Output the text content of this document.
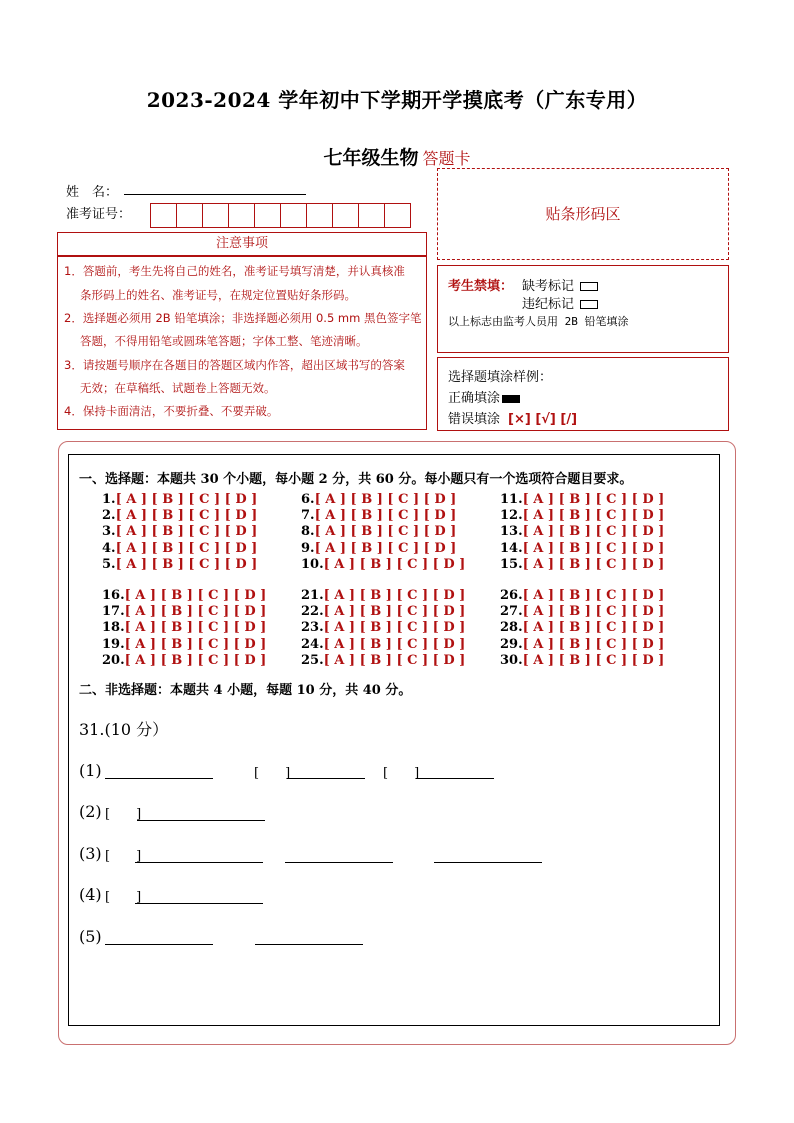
2023-2024 学年初中下学期开学摸底考（广东专用）
七年级生物 答题卡
姓　名：
准考证号：	贴条形码区
注意事项
1．答题前，考生先将自己的姓名，准考证号填写清楚，并认真核准
条形码上的姓名、准考证号，在规定位置贴好条形码。
2．选择题必须用 2B 铅笔填涂；非选择题必须用 0.5 mm 黑色签字笔
答题，不得用铅笔或圆珠笔答题；字体工整、笔迹清晰。
3．请按题号顺序在各题目的答题区域内作答，超出区域书写的答案
无效；在草稿纸、试题卷上答题无效。
4．保持卡面清洁，不要折叠、不要弄破。
考生禁填： 缺考标记
违纪标记
以上标志由监考人员用 2B 铅笔填涂
选择题填涂样例：
正确填涂
错误填涂 [×] [√] [/]
一、选择题：本题共 30 个小题，每小题 2 分，共 60 分。每小题只有一个选项符合题目要求。
1.[ A ] [ B ] [ C ] [ D ]
2.[ A ] [ B ] [ C ] [ D ]
3.[ A ] [ B ] [ C ] [ D ]
4.[ A ] [ B ] [ C ] [ D ]
5.[ A ] [ B ] [ C ] [ D ]
6.[ A ] [ B ] [ C ] [ D ]
7.[ A ] [ B ] [ C ] [ D ]
8.[ A ] [ B ] [ C ] [ D ]
9.[ A ] [ B ] [ C ] [ D ]
10.[ A ] [ B ] [ C ] [ D ]
11.[ A ] [ B ] [ C ] [ D ]
12.[ A ] [ B ] [ C ] [ D ]
13.[ A ] [ B ] [ C ] [ D ]
14.[ A ] [ B ] [ C ] [ D ]
15.[ A ] [ B ] [ C ] [ D ]
16.[ A ] [ B ] [ C ] [ D ]
17.[ A ] [ B ] [ C ] [ D ]
18.[ A ] [ B ] [ C ] [ D ]
19.[ A ] [ B ] [ C ] [ D ]
20.[ A ] [ B ] [ C ] [ D ]
21.[ A ] [ B ] [ C ] [ D ]
22.[ A ] [ B ] [ C ] [ D ]
23.[ A ] [ B ] [ C ] [ D ]
24.[ A ] [ B ] [ C ] [ D ]
25.[ A ] [ B ] [ C ] [ D ]
26.[ A ] [ B ] [ C ] [ D ]
27.[ A ] [ B ] [ C ] [ D ]
28.[ A ] [ B ] [ C ] [ D ]
29.[ A ] [ B ] [ C ] [ D ]
30.[ A ] [ B ] [ C ] [ D ]
二、非选择题：本题共 4 小题，每题 10 分，共 40 分。
31.(10 分）
(1)	[　　]	[　　]
(2) [　　]
(3) [　　]
(4) [　　]
(5)
